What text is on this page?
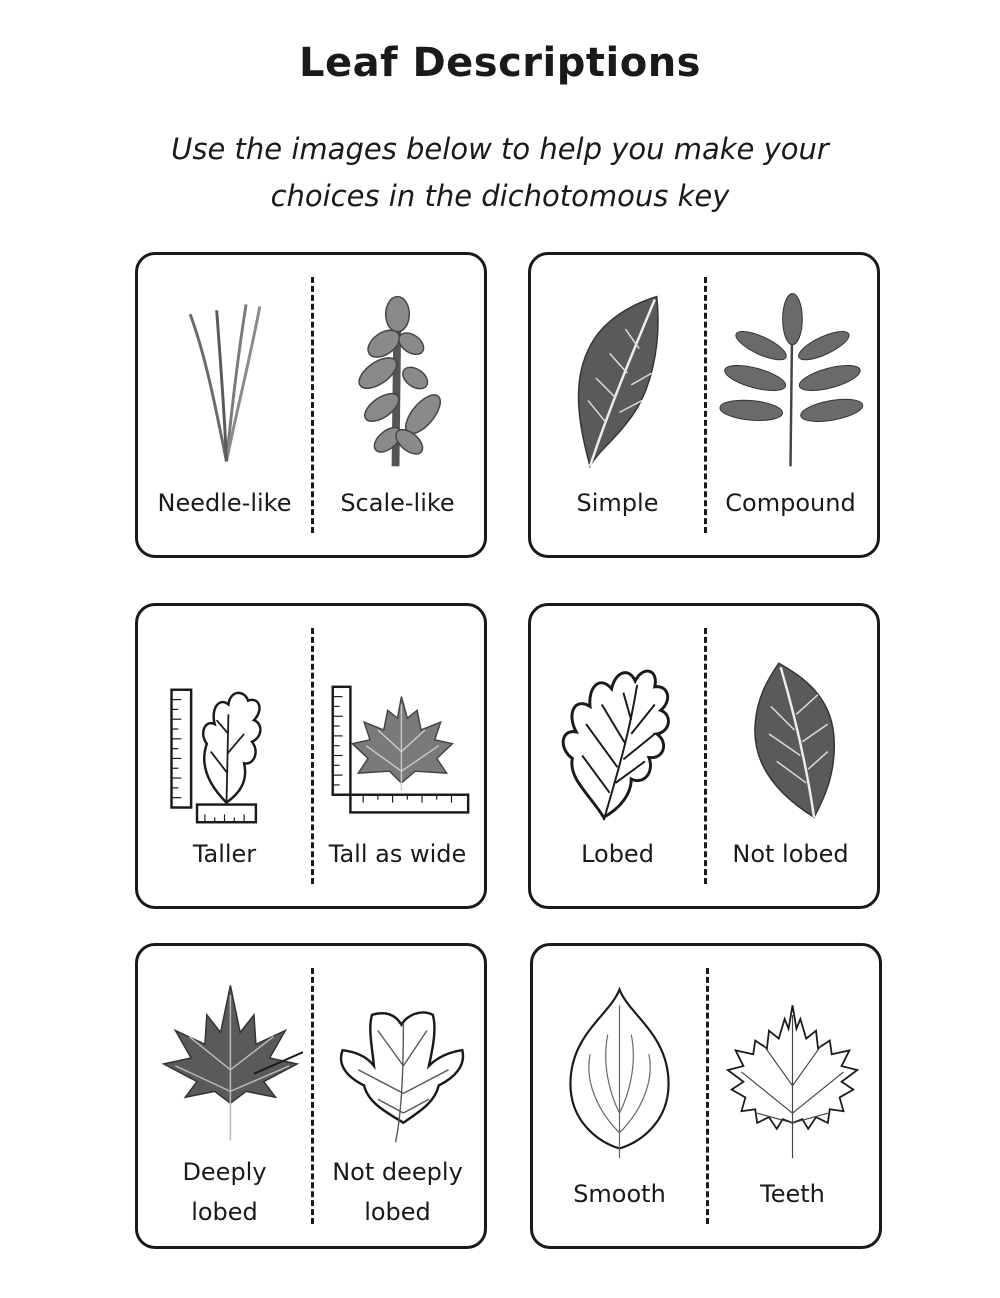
Leaf Descriptions
Use the images below to help you make your
choices in the dichotomous key
Needle-like	Scale-like	Simple	Compound
Taller	Tall as wide	Lobed	Not lobed
Deeply
lobed
Not deeply
lobed
Smooth	Teeth
